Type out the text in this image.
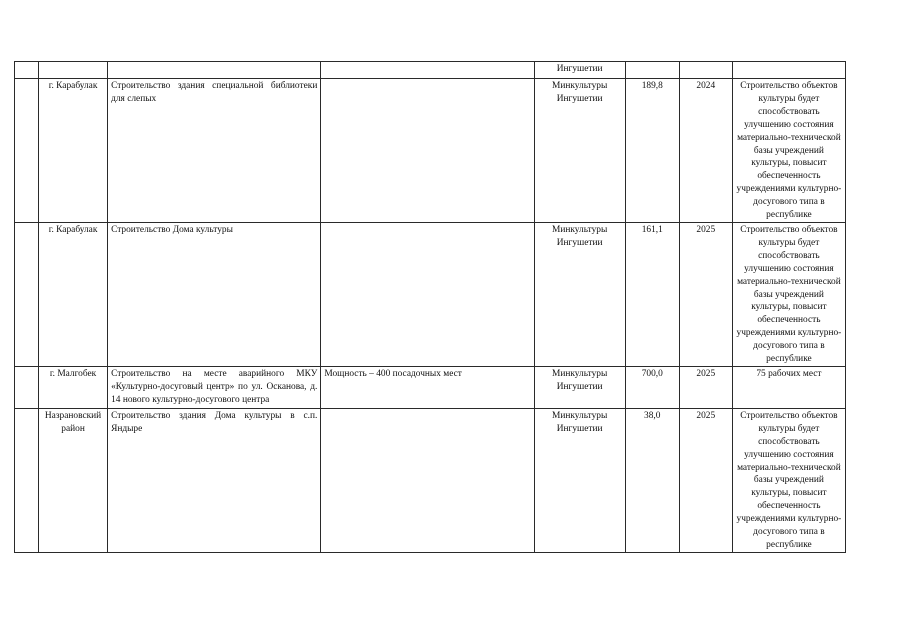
				Ингушетии			
	г. Карабулак	Строительство здания специальной библиотеки для слепых		Минкультуры Ингушетии	189,8	2024	Строительство объектов культуры будет способствовать улучшению состояния материально-технической базы учреждений культуры, повысит обеспеченность учреждениями культурно-досугового типа в республике
	г. Карабулак	Строительство Дома культуры		Минкультуры Ингушетии	161,1	2025	Строительство объектов культуры будет способствовать улучшению состояния материально-технической базы учреждений культуры, повысит обеспеченность учреждениями культурно-досугового типа в республике
	г. Малгобек	Строительство на месте аварийного МКУ «Культурно-досуговый центр» по ул. Осканова, д. 14 нового культурно-досугового центра	Мощность – 400 посадочных мест	Минкультуры Ингушетии	700,0	2025	75 рабочих мест
	Назрановский район	Строительство здания Дома культуры в с.п. Яндыре		Минкультуры Ингушетии	38,0	2025	Строительство объектов культуры будет способствовать улучшению состояния материально-технической базы учреждений культуры, повысит обеспеченность учреждениями культурно-досугового типа в республике
